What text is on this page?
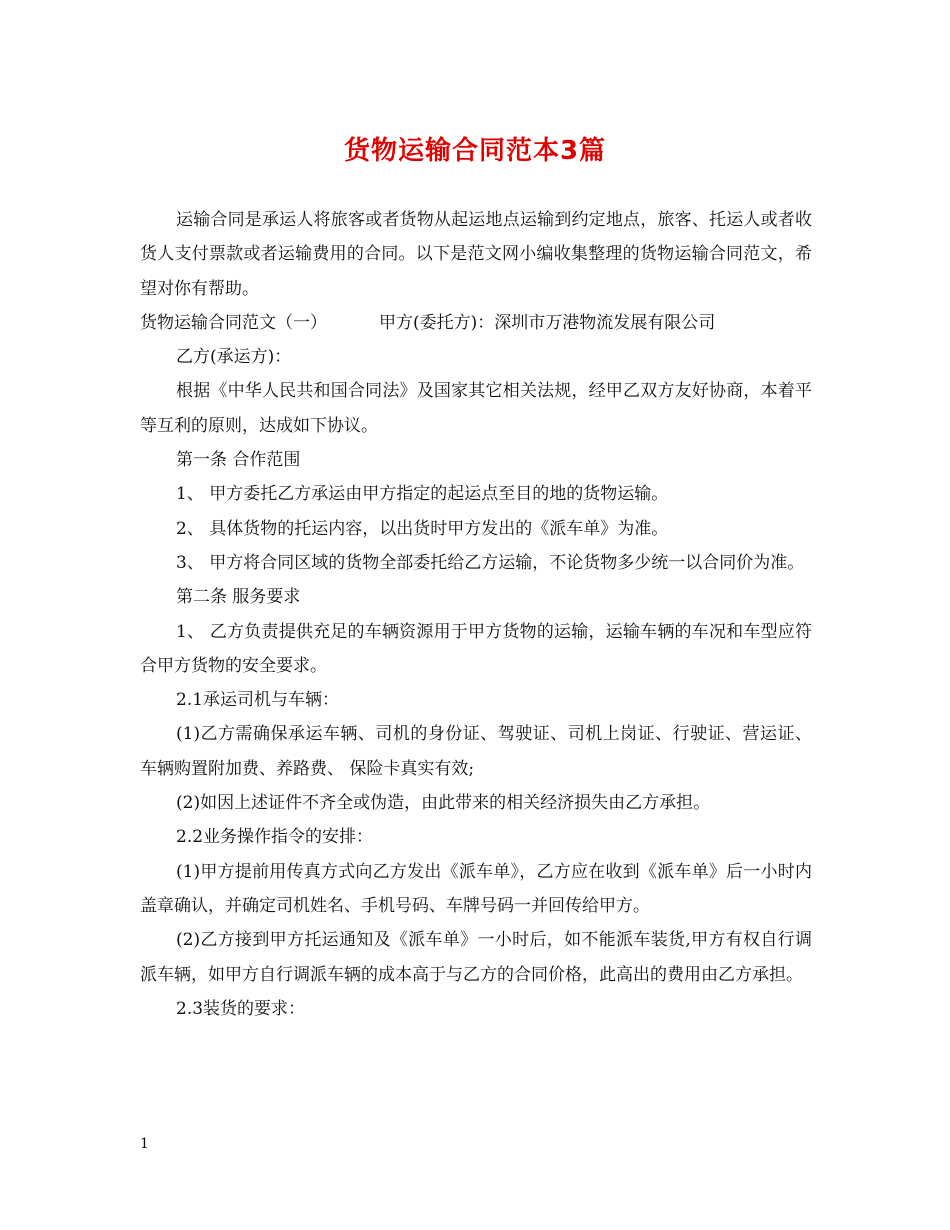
货物运输合同范本3篇

运输合同是承运人将旅客或者货物从起运地点运输到约定地点，旅客、托运人或者收货人支付票款或者运输费用的合同。以下是范文网小编收集整理的货物运输合同范文，希望对你有帮助。

货物运输合同范文（一）	甲方(委托方)：深圳市万港物流发展有限公司

乙方(承运方)：

根据《中华人民共和国合同法》及国家其它相关法规，经甲乙双方友好协商，本着平等互利的原则，达成如下协议。

第一条 合作范围

1、 甲方委托乙方承运由甲方指定的起运点至目的地的货物运输。

2、 具体货物的托运内容，以出货时甲方发出的《派车单》为准。

3、 甲方将合同区域的货物全部委托给乙方运输，不论货物多少统一以合同价为准。

第二条 服务要求

1、 乙方负责提供充足的车辆资源用于甲方货物的运输，运输车辆的车况和车型应符合甲方货物的安全要求。

2.1承运司机与车辆：

(1)乙方需确保承运车辆、司机的身份证、驾驶证、司机上岗证、行驶证、营运证、车辆购置附加费、养路费、 保险卡真实有效;

(2)如因上述证件不齐全或伪造，由此带来的相关经济损失由乙方承担。

2.2业务操作指令的安排：

(1)甲方提前用传真方式向乙方发出《派车单》，乙方应在收到《派车单》后一小时内盖章确认，并确定司机姓名、手机号码、车牌号码一并回传给甲方。

(2)乙方接到甲方托运通知及《派车单》一小时后，如不能派车装货,甲方有权自行调派车辆，如甲方自行调派车辆的成本高于与乙方的合同价格，此高出的费用由乙方承担。

2.3装货的要求：

1
